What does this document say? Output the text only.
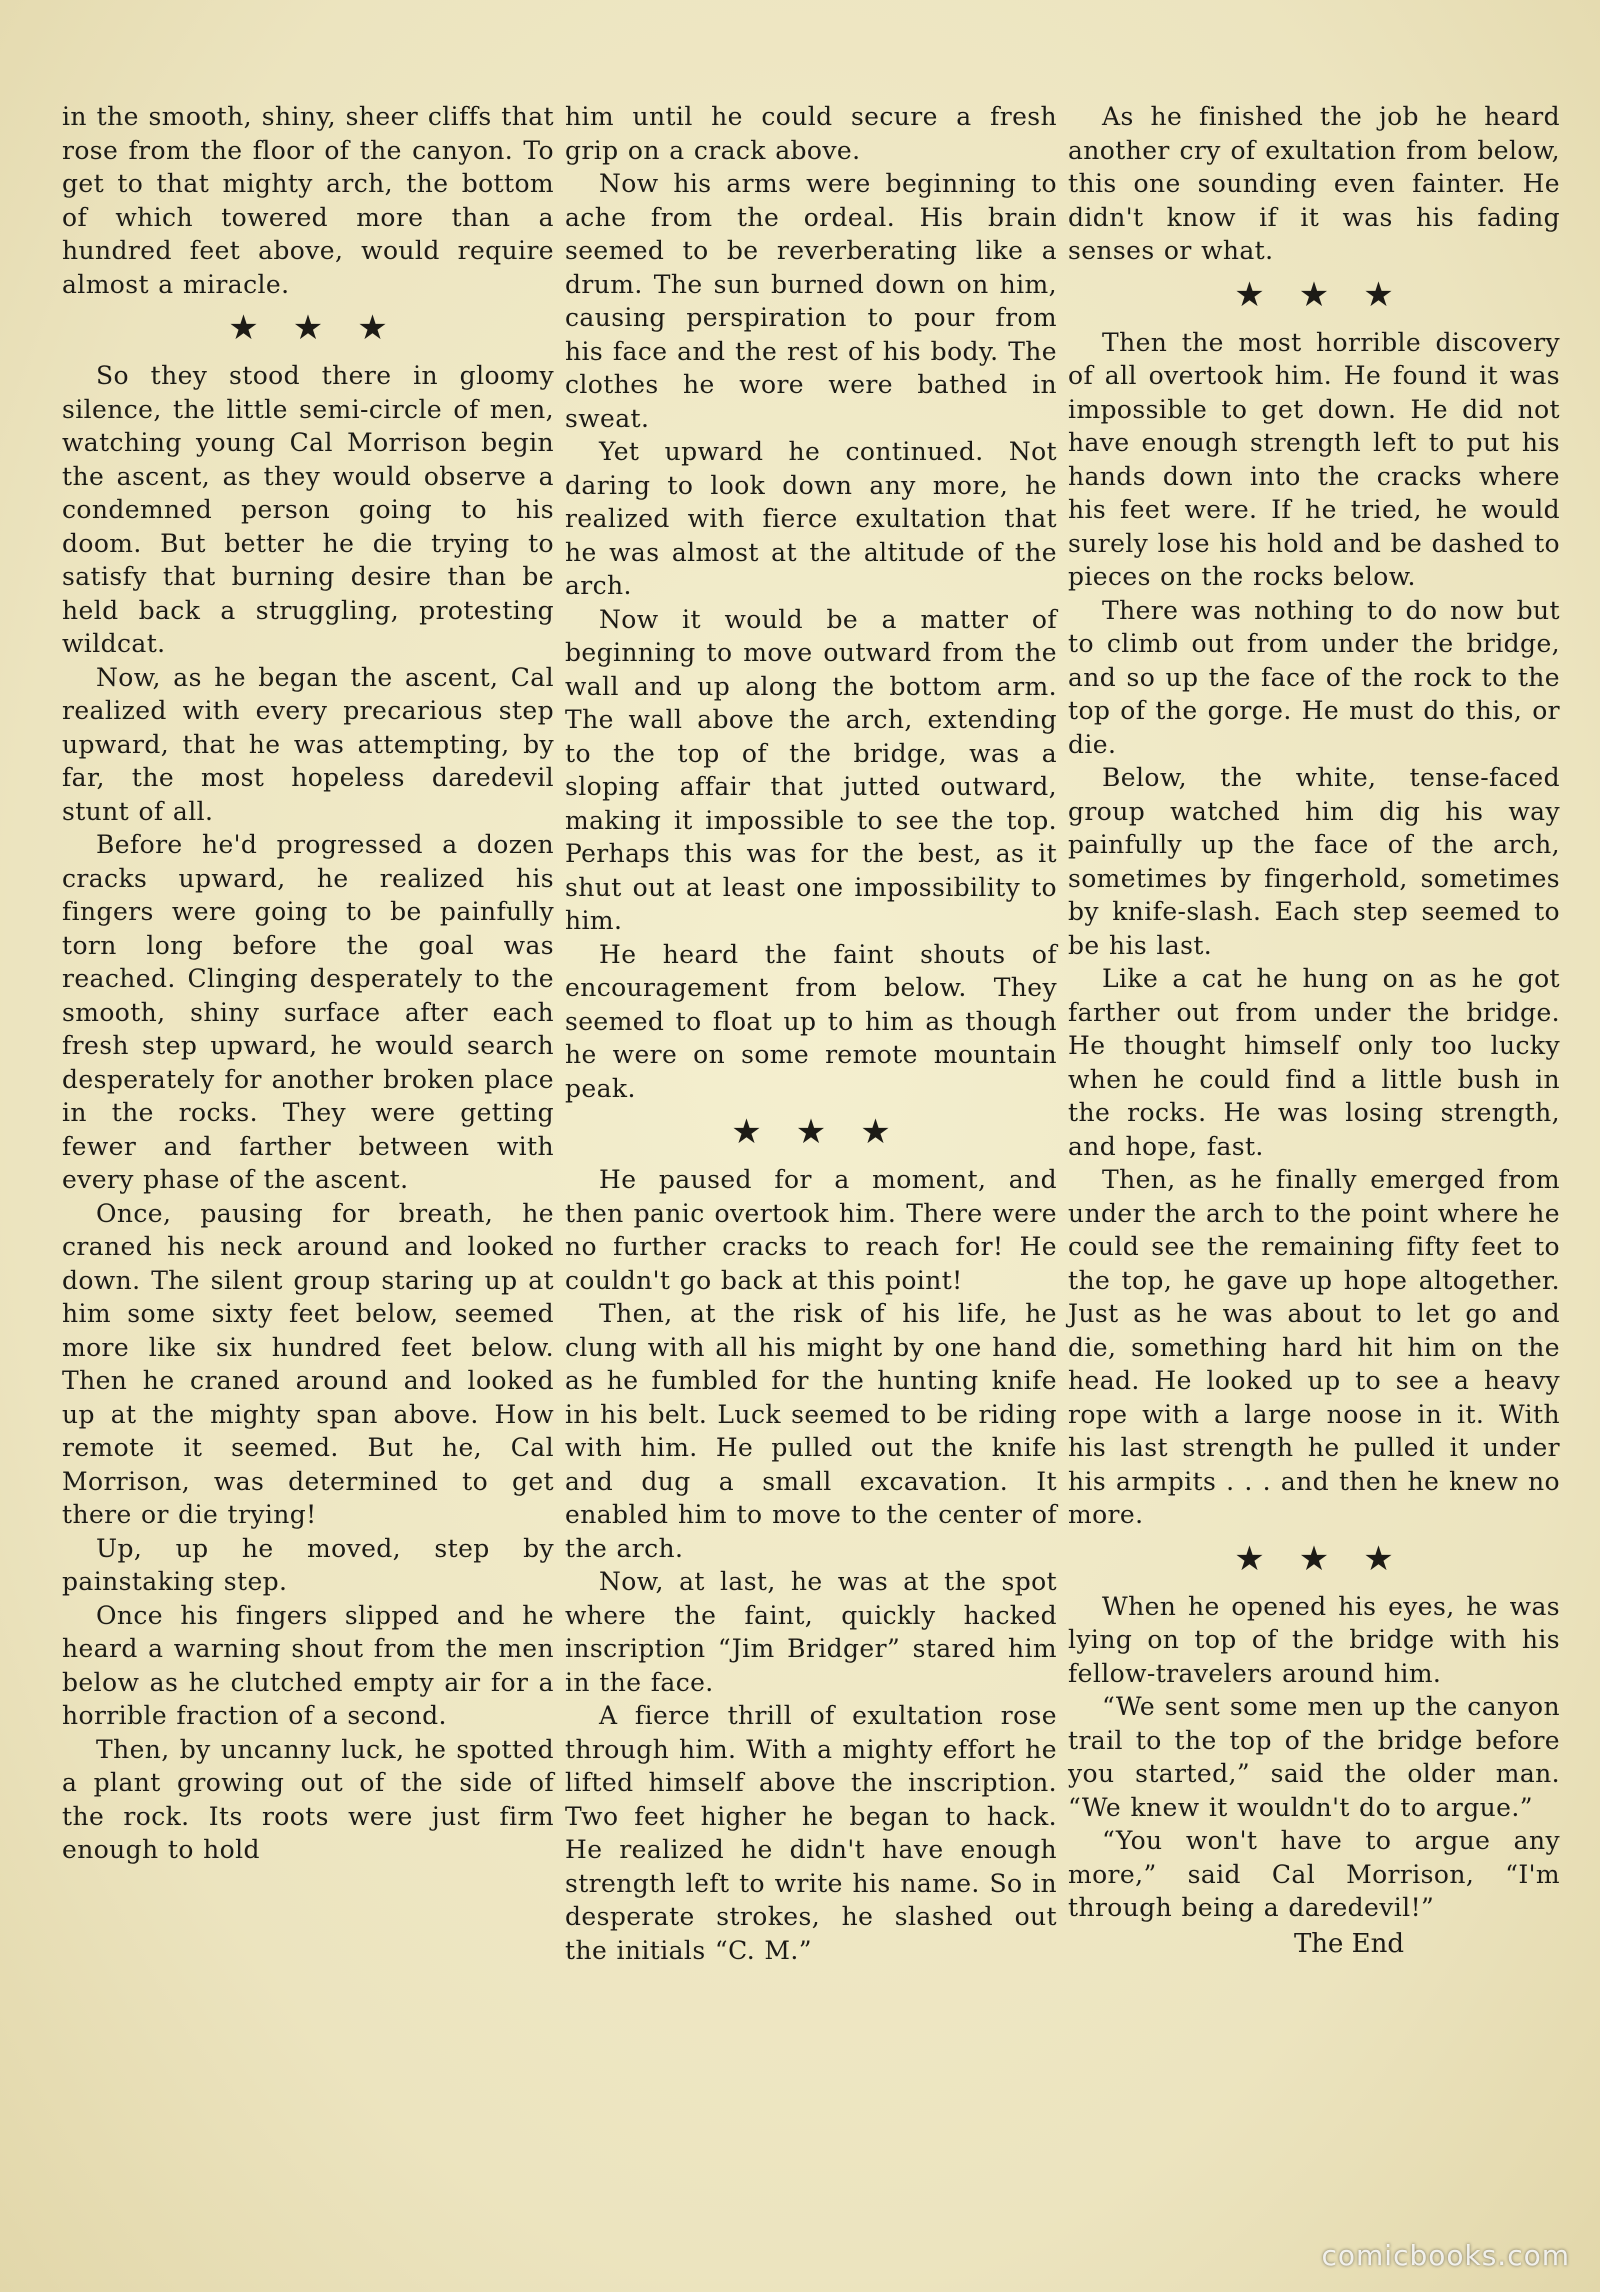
in the smooth, shiny, sheer cliffs that rose from the floor of the canyon. To get to that mighty arch, the bottom of which towered more than a hundred feet above, would require almost a miracle.

★ ★ ★

So they stood there in gloomy silence, the little semi-circle of men, watching young Cal Morrison begin the ascent, as they would observe a condemned person going to his doom. But better he die trying to satisfy that burning desire than be held back a struggling, protesting wildcat.

Now, as he began the ascent, Cal realized with every precarious step upward, that he was attempting, by far, the most hopeless daredevil stunt of all.

Before he'd progressed a dozen cracks upward, he realized his fingers were going to be painfully torn long before the goal was reached. Clinging desperately to the smooth, shiny surface after each fresh step upward, he would search desperately for another broken place in the rocks. They were getting fewer and farther between with every phase of the ascent.

Once, pausing for breath, he craned his neck around and looked down. The silent group staring up at him some sixty feet below, seemed more like six hundred feet below. Then he craned around and looked up at the mighty span above. How remote it seemed. But he, Cal Morrison, was determined to get there or die trying!

Up, up he moved, step by painstaking step.

Once his fingers slipped and he heard a warning shout from the men below as he clutched empty air for a horrible fraction of a second.

Then, by uncanny luck, he spotted a plant growing out of the side of the rock. Its roots were just firm enough to hold

him until he could secure a fresh grip on a crack above.

Now his arms were beginning to ache from the ordeal. His brain seemed to be reverberating like a drum. The sun burned down on him, causing perspiration to pour from his face and the rest of his body. The clothes he wore were bathed in sweat.

Yet upward he continued. Not daring to look down any more, he realized with fierce exultation that he was almost at the altitude of the arch.

Now it would be a matter of beginning to move outward from the wall and up along the bottom arm. The wall above the arch, extending to the top of the bridge, was a sloping affair that jutted outward, making it impossible to see the top. Perhaps this was for the best, as it shut out at least one impossibility to him.

He heard the faint shouts of encouragement from below. They seemed to float up to him as though he were on some remote mountain peak.

★ ★ ★

He paused for a moment, and then panic overtook him. There were no further cracks to reach for! He couldn't go back at this point!

Then, at the risk of his life, he clung with all his might by one hand as he fumbled for the hunting knife in his belt. Luck seemed to be riding with him. He pulled out the knife and dug a small excavation. It enabled him to move to the center of the arch.

Now, at last, he was at the spot where the faint, quickly hacked inscription “Jim Bridger” stared him in the face.

A fierce thrill of exultation rose through him. With a mighty effort he lifted himself above the inscription. Two feet higher he began to hack. He realized he didn't have enough strength left to write his name. So in desperate strokes, he slashed out the initials “C. M.”

As he finished the job he heard another cry of exultation from below, this one sounding even fainter. He didn't know if it was his fading senses or what.

★ ★ ★

Then the most horrible discovery of all overtook him. He found it was impossible to get down. He did not have enough strength left to put his hands down into the cracks where his feet were. If he tried, he would surely lose his hold and be dashed to pieces on the rocks below.

There was nothing to do now but to climb out from under the bridge, and so up the face of the rock to the top of the gorge. He must do this, or die.

Below, the white, tense-faced group watched him dig his way painfully up the face of the arch, sometimes by fingerhold, sometimes by knife-slash. Each step seemed to be his last.

Like a cat he hung on as he got farther out from under the bridge. He thought himself only too lucky when he could find a little bush in the rocks. He was losing strength, and hope, fast.

Then, as he finally emerged from under the arch to the point where he could see the remaining fifty feet to the top, he gave up hope altogether. Just as he was about to let go and die, something hard hit him on the head. He looked up to see a heavy rope with a large noose in it. With his last strength he pulled it under his armpits . . . and then he knew no more.

★ ★ ★

When he opened his eyes, he was lying on top of the bridge with his fellow-travelers around him.

“We sent some men up the canyon trail to the top of the bridge before you started,” said the older man. “We knew it wouldn't do to argue.”

“You won't have to argue any more,” said Cal Morrison, “I'm through being a daredevil!”

The End

comicbooks.com
